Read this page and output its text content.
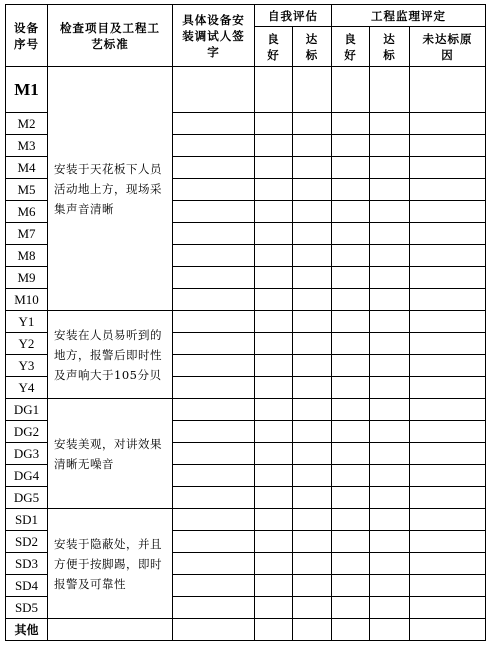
设备序号	检查项目及工程工艺标准	具体设备安装调试人签字	自我评估		工程监理评定		

			良好	达标	良好	达标	未达标原因

M1	安装于天花板下人员活动地上方，现场采集声音清晰						
M2							
M3							
M4							
M5							
M6							
M7							
M8							
M9							
M10							
Y1	安装在人员易听到的地方，报警后即时性及声响大于105分贝						
Y2							
Y3							
Y4							
DG1	安装美观，对讲效果清晰无噪音						
DG2							
DG3							
DG4							
DG5							
SD1	安装于隐蔽处，并且方便于按脚踢，即时报警及可靠性						
SD2							
SD3							
SD4							
SD5							
其他							
